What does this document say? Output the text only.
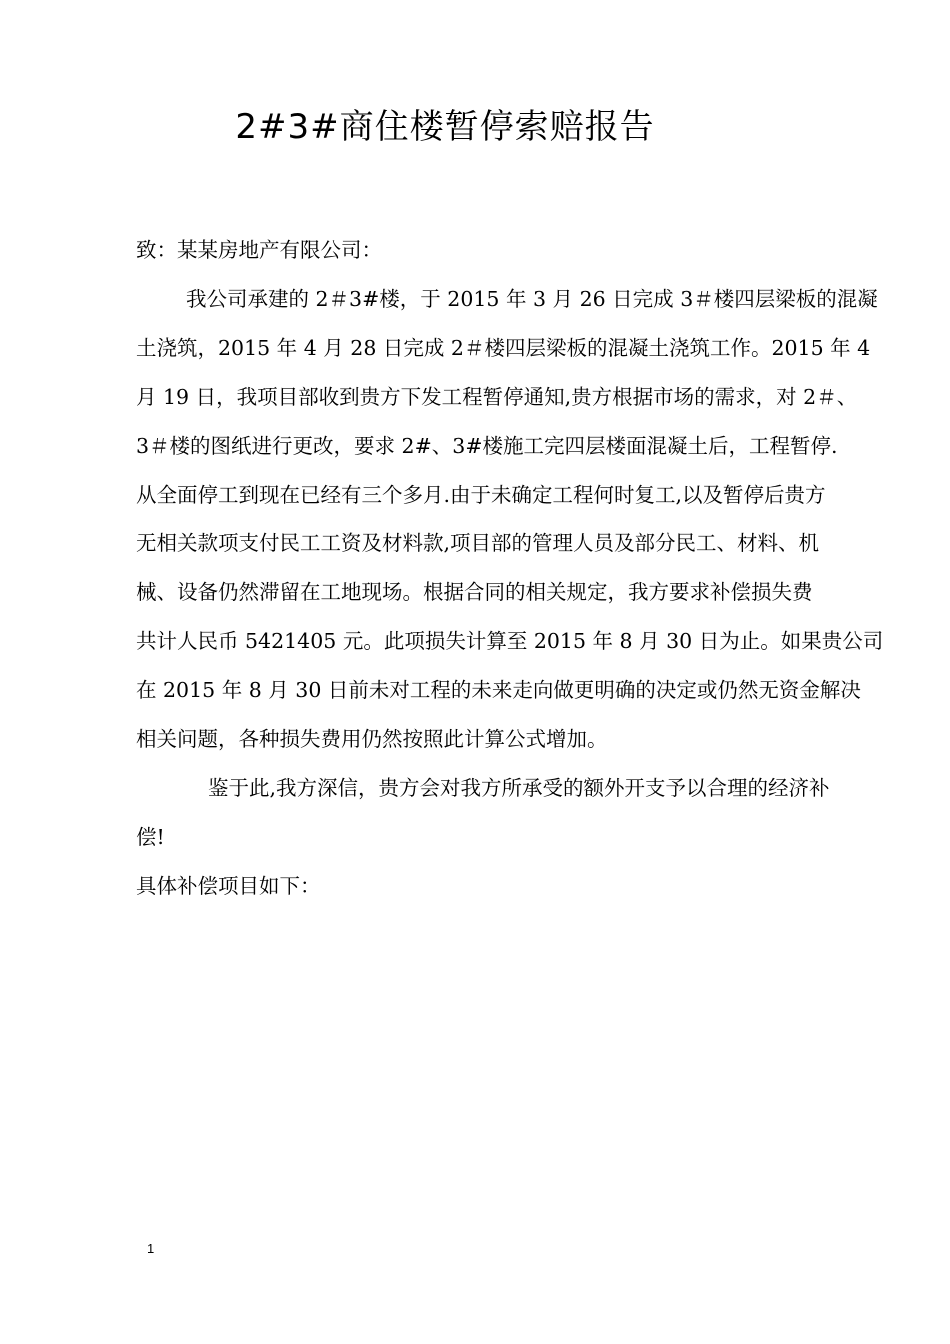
2#3#商住楼暂停索赔报告
致：某某房地产有限公司：
我公司承建的 2＃3#楼，于 2015 年 3 月 26 日完成 3＃楼四层梁板的混凝
土浇筑，2015 年 4 月 28 日完成 2＃楼四层梁板的混凝土浇筑工作。2015 年 4
月 19 日，我项目部收到贵方下发工程暂停通知,贵方根据市场的需求，对 2＃、
3＃楼的图纸进行更改，要求 2#、3#楼施工完四层楼面混凝土后，工程暂停.
从全面停工到现在已经有三个多月.由于未确定工程何时复工,以及暂停后贵方
无相关款项支付民工工资及材料款,项目部的管理人员及部分民工、材料、机
械、设备仍然滞留在工地现场。根据合同的相关规定，我方要求补偿损失费
共计人民币 5421405 元。此项损失计算至 2015 年 8 月 30 日为止。如果贵公司
在 2015 年 8 月 30 日前未对工程的未来走向做更明确的决定或仍然无资金解决
相关问题，各种损失费用仍然按照此计算公式增加。
鉴于此,我方深信，贵方会对我方所承受的额外开支予以合理的经济补
偿!
具体补偿项目如下：
1
